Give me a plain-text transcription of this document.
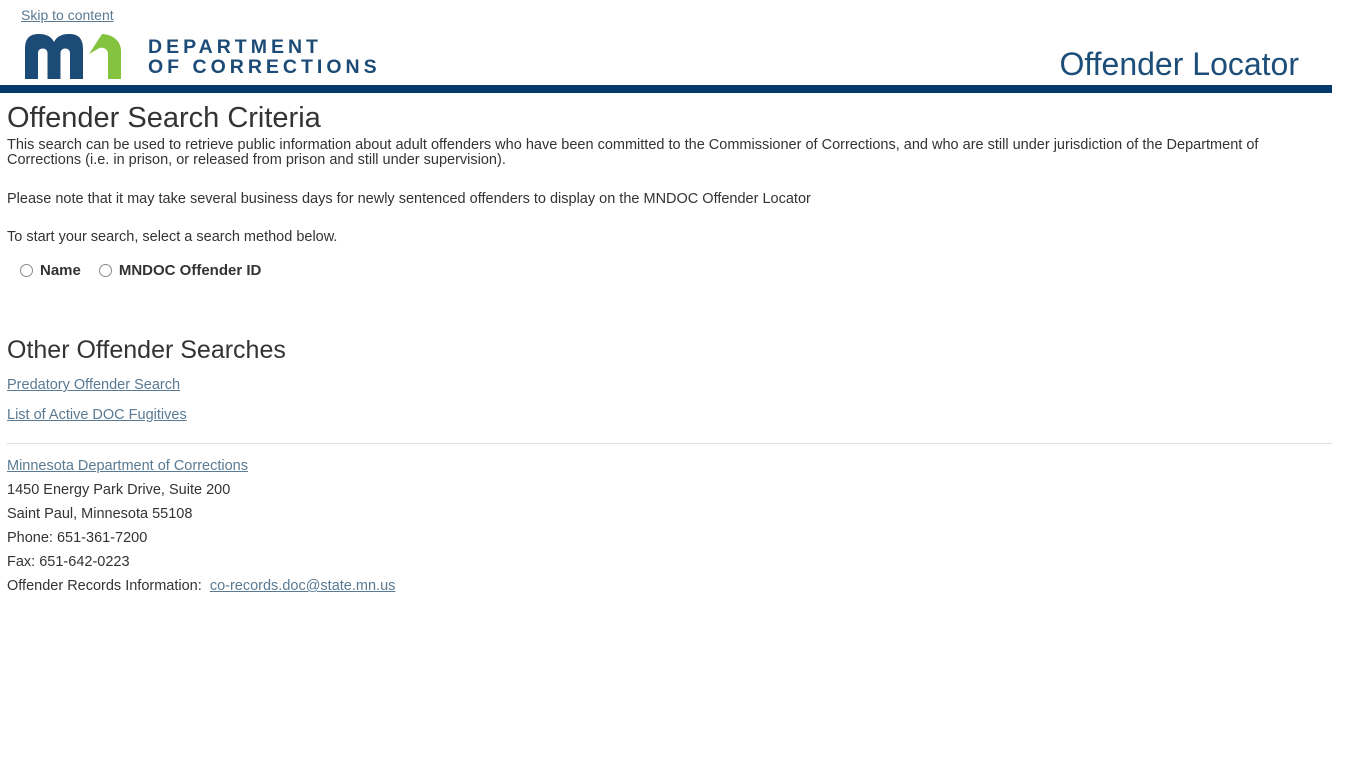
Skip to content
DEPARTMENT
OF CORRECTIONS	Offender Locator
Offender Search Criteria

This search can be used to retrieve public information about adult offenders who have been committed to the Commissioner of Corrections, and who are still under jurisdiction of the Department of Corrections (i.e. in prison, or released from prison and still under supervision).

Please note that it may take several business days for newly sentenced offenders to display on the MNDOC Offender Locator

To start your search, select a search method below.

Name	MNDOC Offender ID
Other Offender Searches

Predatory Offender Search

List of Active DOC Fugitives

Minnesota Department of Corrections
1450 Energy Park Drive, Suite 200
Saint Paul, Minnesota 55108
Phone: 651-361-7200
Fax: 651-642-0223
Offender Records Information: co-records.doc@state.mn.us
